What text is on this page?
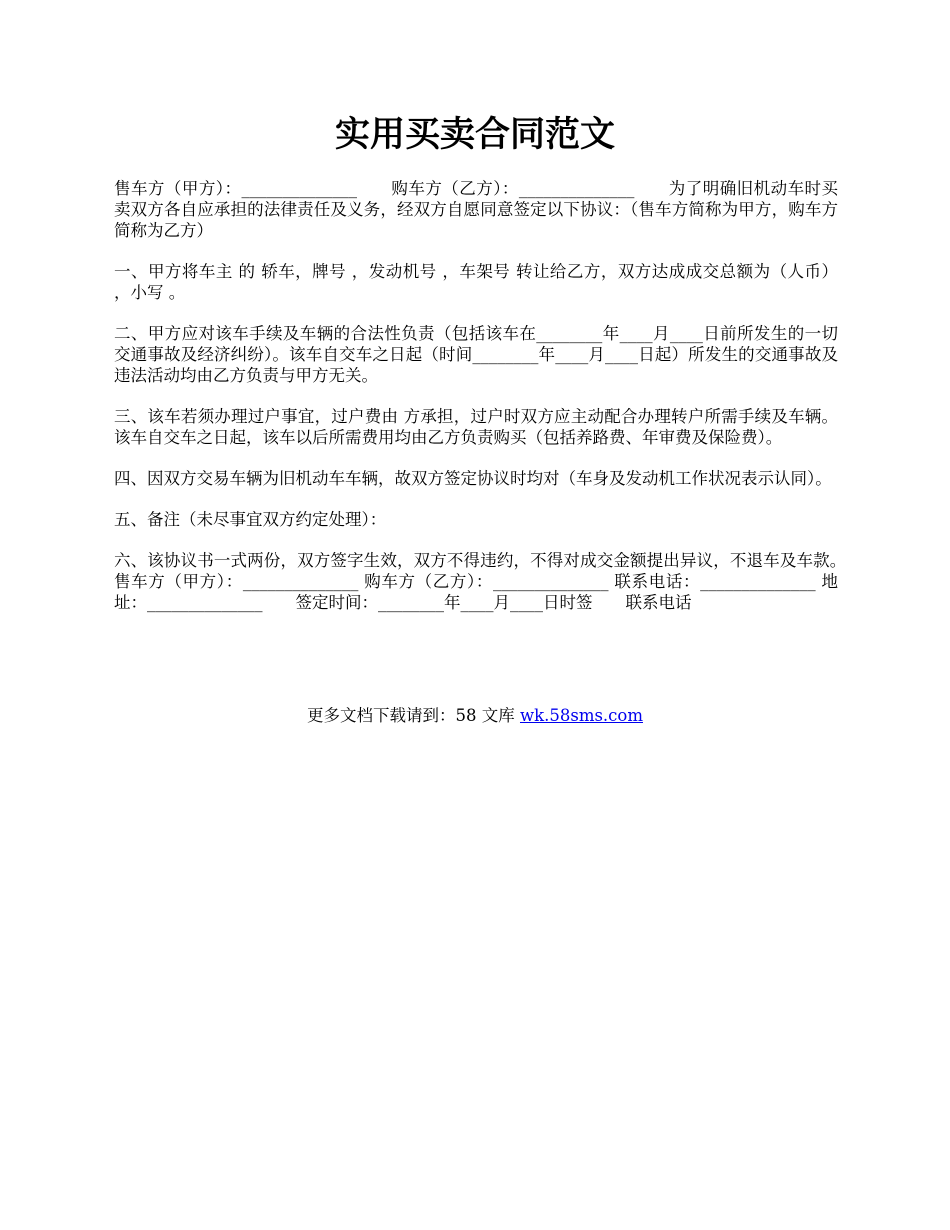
实用买卖合同范文

售车方（甲方）：______________　　购车方（乙方）：______________　　为了明确旧机动车时买卖双方各自应承担的法律责任及义务，经双方自愿同意签定以下协议：（售车方简称为甲方，购车方简称为乙方）

一、甲方将车主 的 轿车，牌号 ，发动机号 ，车架号 转让给乙方，双方达成成交总额为（人币） ，小写 。

二、甲方应对该车手续及车辆的合法性负责（包括该车在________年____月____日前所发生的一切交通事故及经济纠纷）。该车自交车之日起（时间________年____月____日起）所发生的交通事故及违法活动均由乙方负责与甲方无关。

三、该车若须办理过户事宜，过户费由 方承担，过户时双方应主动配合办理转户所需手续及车辆。该车自交车之日起，该车以后所需费用均由乙方负责购买（包括养路费、年审费及保险费）。

四、因双方交易车辆为旧机动车车辆，故双方签定协议时均对（车身及发动机工作状况表示认同）。

五、备注（未尽事宜双方约定处理）：

六、该协议书一式两份，双方签字生效，双方不得违约，不得对成交金额提出异议，不退车及车款。　　售车方（甲方）：______________ 购车方（乙方）：______________ 联系电话：______________ 地址：______________　　签定时间：________年____月____日时签　　联系电话

更多文档下载请到：58 文库 wk.58sms.com
